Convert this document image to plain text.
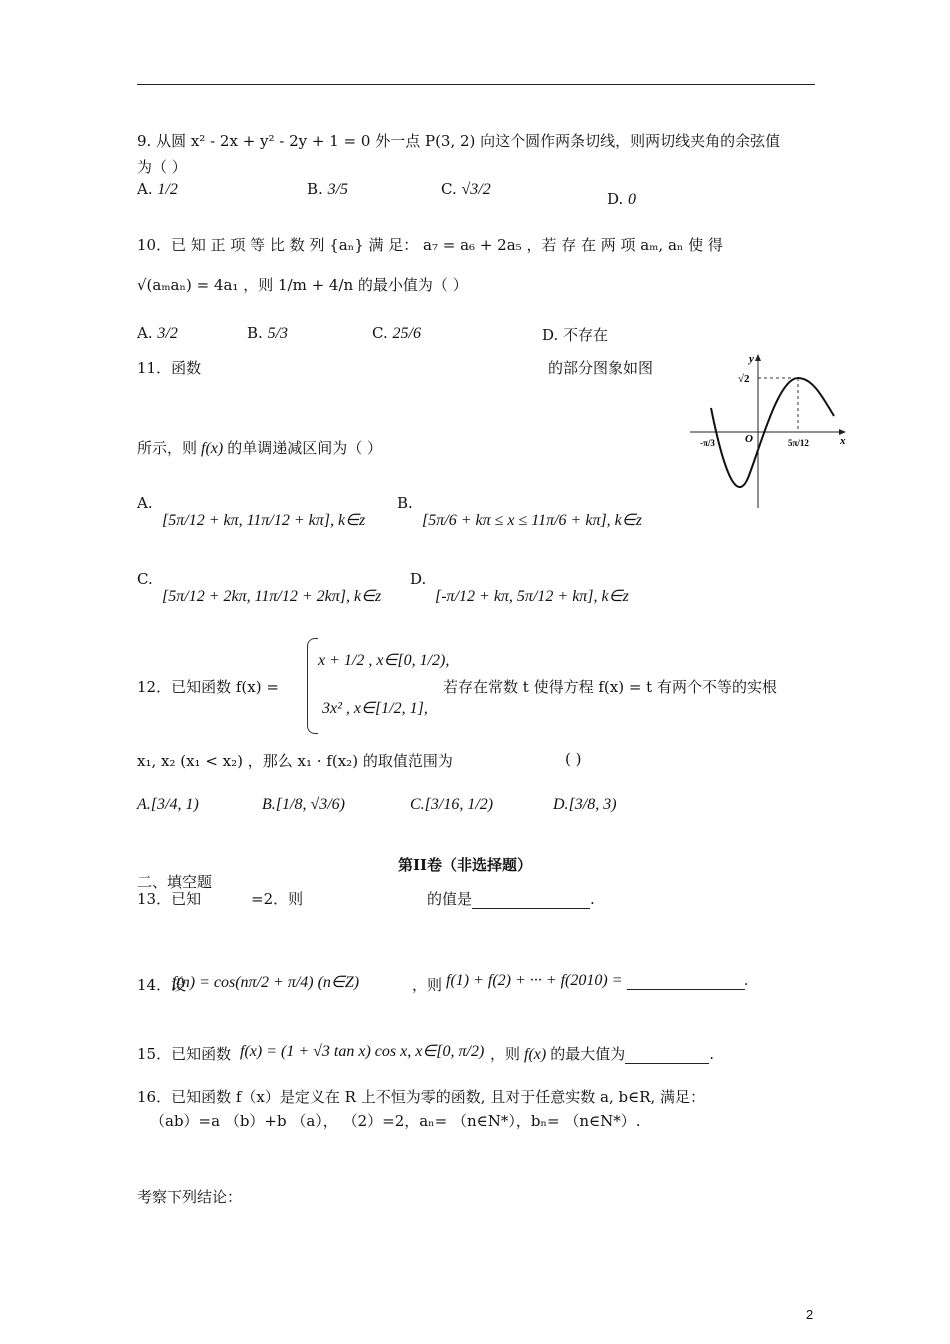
9. 从圆 x² - 2x + y² - 2y + 1 = 0 外一点 P(3, 2) 向这个圆作两条切线，则两切线夹角的余弦值
为（ ）
A. 1/2	B. 3/5	C. √3/2
D. 0
10．已 知 正 项 等 比 数 列 {aₙ} 满 足： a₇ = a₆ + 2a₅ ，若 存 在 两 项 aₘ, aₙ 使 得
√(aₘaₙ) = 4a₁ ，则 1/m + 4/n 的最小值为（ ）
A. 3/2	B. 5/3	C. 25/6	D. 不存在
11．函数	的部分图象如图
所示，则 f(x) 的单调递减区间为（ ）
y
x
O
√2
-π/3	5π/12
A.
[5π/12 + kπ, 11π/12 + kπ], k∈z
B.
[5π/6 + kπ ≤ x ≤ 11π/6 + kπ], k∈z
C.
[5π/12 + 2kπ, 11π/12 + 2kπ], k∈z
D.
[-π/12 + kπ, 5π/12 + kπ], k∈z
12．已知函数 f(x) =
x + 1/2 , x∈[0, 1/2),
3x² , x∈[1/2, 1],
若存在常数 t 使得方程 f(x) = t 有两个不等的实根
x₁, x₂ (x₁ < x₂) ，那么 x₁ · f(x₂) 的取值范围为	( )
A.[3/4, 1)	B.[1/8, √3/6)	C.[3/16, 1/2)	D.[3/8, 3)
第II卷（非选择题）
二、填空题
13．已知	=2．则	的值是	.
14．设
f(n) = cos(nπ/2 + π/4) (n∈Z)	，则 f(1) + f(2) + ··· + f(2010) =	.
15．已知函数 f(x) = (1 + √3 tan x) cos x, x∈[0, π/2) ，则 f(x) 的最大值为	.
16．已知函数 f（x）是定义在 R 上不恒为零的函数, 且对于任意实数 a, b∈R, 满足：
（ab）=a （b）+b （a）， （2）=2，aₙ= （n∈N*），bₙ= （n∈N*）.
考察下列结论：
2
